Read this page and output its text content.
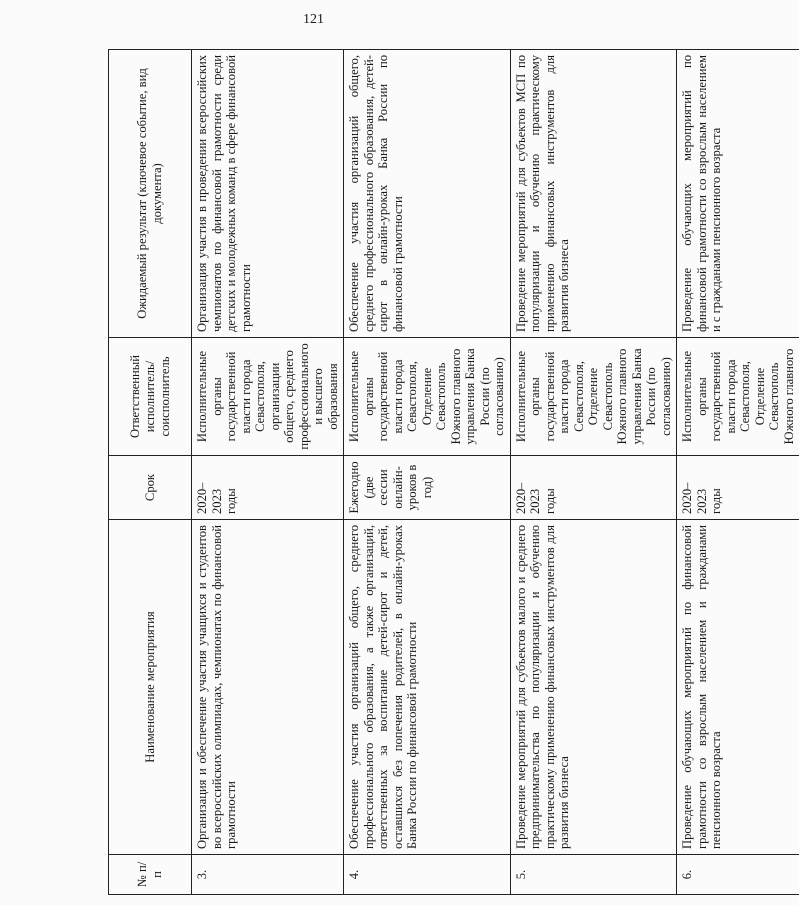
121
№ п/п	Наименование мероприятия	Срок	Ответственный исполнитель/ соисполнитель	Ожидаемый результат (ключевое событие, вид документа)
3.	Организация и обеспечение участия учащихся и студентов во всероссийских олимпиадах, чемпионатах по финансовой грамотности	2020–2023 годы	Исполнительные органы государственной власти города Севастополя, организации общего, среднего профессионального и высшего образования	Организация участия в проведении всероссийских чемпионатов по финансовой грамотности среди детских и молодежных команд в сфере финансовой грамотности
4.	Обеспечение участия организаций общего, среднего профессионального образования, а также организаций, ответственных за воспитание детей-сирот и детей, оставшихся без попечения родителей, в онлайн-уроках Банка России по финансовой грамотности	Ежегодно (две сессии онлайн-уроков в год)	Исполнительные органы государственной власти города Севастополя, Отделение Севастополь Южного главного управления Банка России (по согласованию)	Обеспечение участия организаций общего, среднего профессионального образования, детей-сирот в онлайн-уроках Банка России по финансовой грамотности
5.	Проведение мероприятий для субъектов малого и среднего предпринимательства по популяризации и обучению практическому применению финансовых инструментов для развития бизнеса	2020–2023 годы	Исполнительные органы государственной власти города Севастополя, Отделение Севастополь Южного главного управления Банка России (по согласованию)	Проведение мероприятий для субъектов МСП по популяризации и обучению практическому применению финансовых инструментов для развития бизнеса
6.	Проведение обучающих мероприятий по финансовой грамотности со взрослым населением и гражданами пенсионного возраста	2020–2023 годы	Исполнительные органы государственной власти города Севастополя, Отделение Севастополь Южного главного	Проведение обучающих мероприятий по финансовой грамотности со взрослым населением и с гражданами пенсионного возраста
